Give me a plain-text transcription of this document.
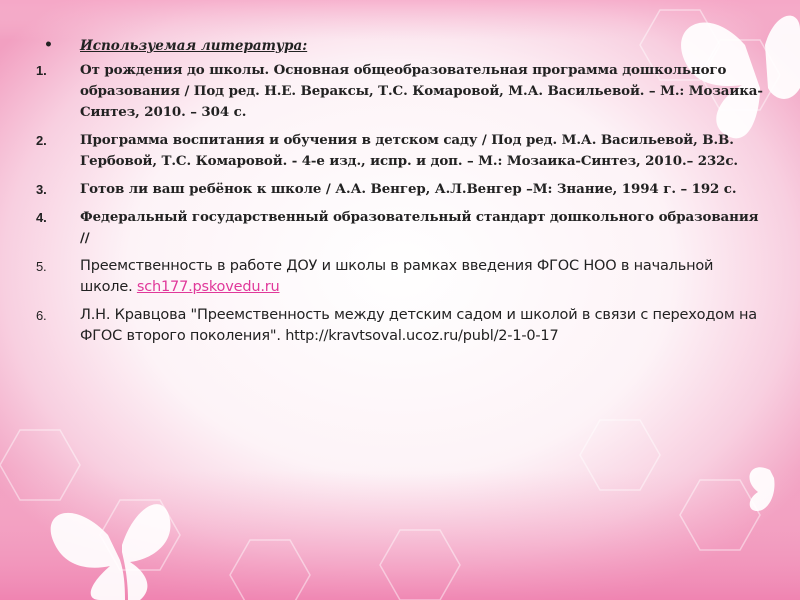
• Используемая литература:
1. От рождения до школы. Основная общеобразовательная программа дошкольного образования / Под ред. Н.Е. Вераксы, Т.С. Комаровой, М.А. Васильевой. – М.: Мозаика-Синтез, 2010. – 304 с.
2. Программа воспитания и обучения в детском саду / Под ред. М.А. Васильевой, В.В. Гербовой, Т.С. Комаровой. - 4-е изд., испр. и доп. – М.: Мозаика-Синтез, 2010.– 232с.
3. Готов ли ваш ребёнок к школе / А.А. Венгер, А.Л.Венгер –М: Знание, 1994 г. – 192 с.
4. Федеральный государственный образовательный стандарт дошкольного образования //
5. Преемственность в работе ДОУ и школы в рамках введения ФГОС НОО в начальной школе. sch177.pskovedu.ru
6. Л.Н. Кравцова "Преемственность между детским садом и школой в связи с переходом на ФГОС второго поколения". http://kravtsoval.ucoz.ru/publ/2-1-0-17
